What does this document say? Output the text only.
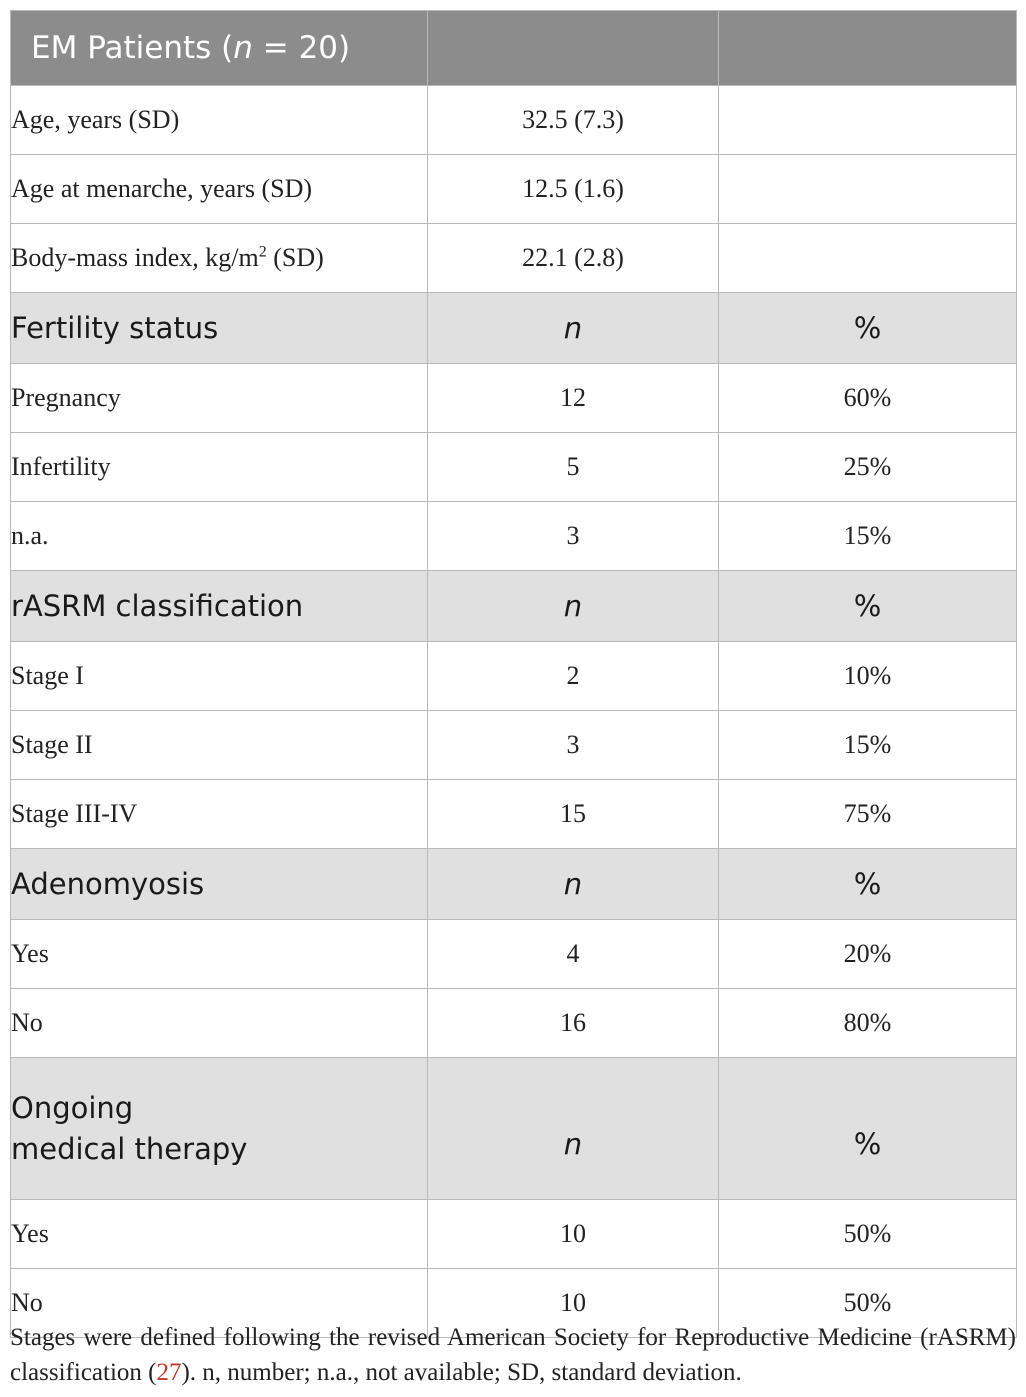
EM Patients (n = 20)		
Age, years (SD)	32.5 (7.3)	
Age at menarche, years (SD)	12.5 (1.6)	
Body-mass index, $kg/m^2$ (SD)	22.1 (2.8)	
Fertility status	n	%
Pregnancy	12	60%
Infertility	5	25%
n.a.	3	15%
rASRM classification	n	%
Stage I	2	10%
Stage II	3	15%
Stage III-IV	15	75%
Adenomyosis	n	%
Yes	4	20%
No	16	80%
Ongoing
medical therapy	n	%
Yes	10	50%
No	10	50%
Stages were defined following the revised American Society for Reproductive Medicine (rASRM) classification (27). n, number; n.a., not available; SD, standard deviation.
